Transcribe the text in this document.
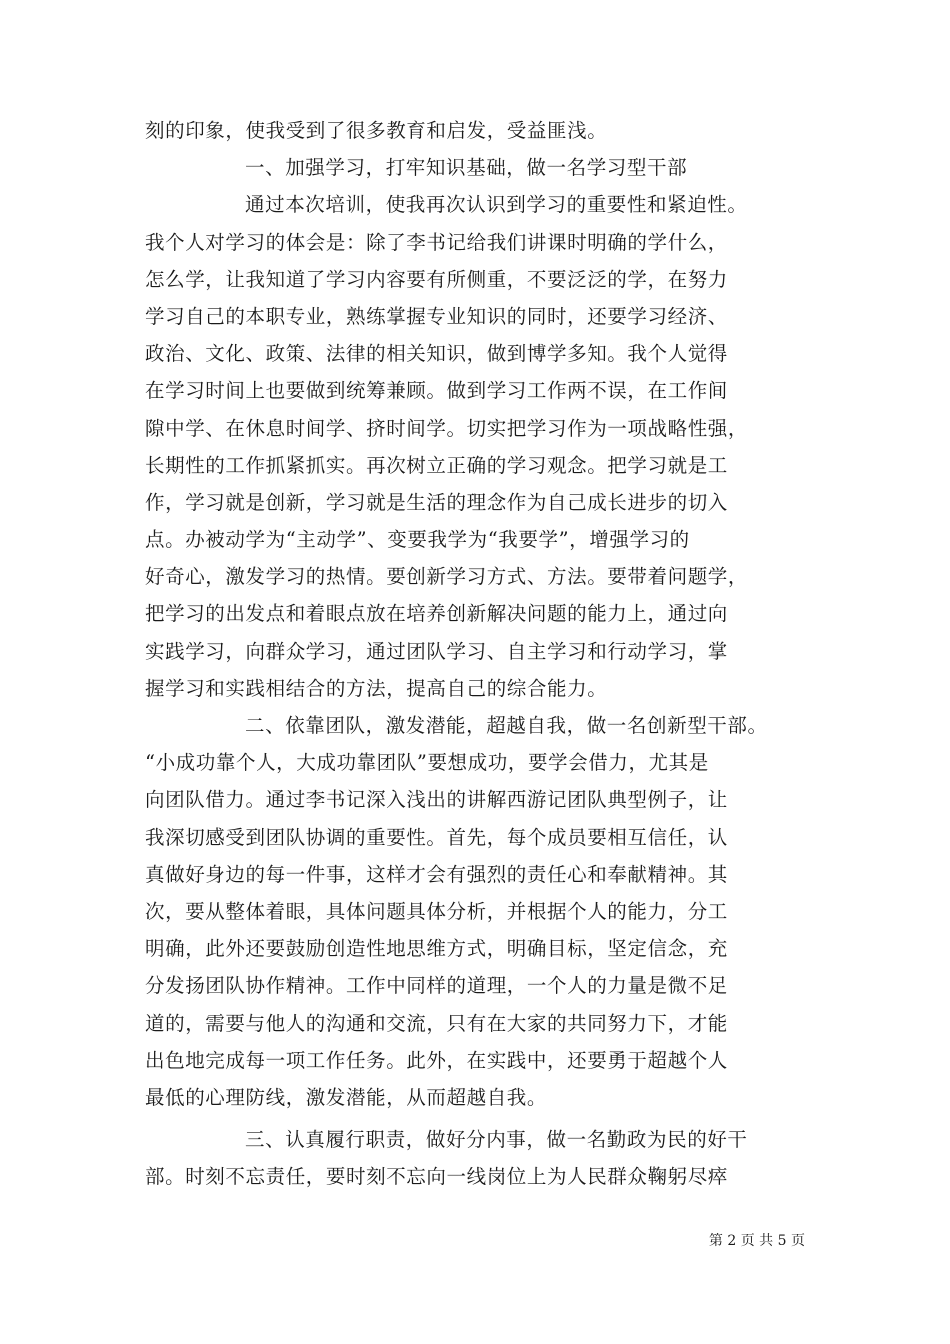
刻的印象，使我受到了很多教育和启发，受益匪浅。
一、加强学习，打牢知识基础，做一名学习型干部
通过本次培训，使我再次认识到学习的重要性和紧迫性。
我个人对学习的体会是：除了李书记给我们讲课时明确的学什么，
怎么学，让我知道了学习内容要有所侧重，不要泛泛的学，在努力
学习自己的本职专业，熟练掌握专业知识的同时，还要学习经济、
政治、文化、政策、法律的相关知识，做到博学多知。我个人觉得
在学习时间上也要做到统筹兼顾。做到学习工作两不误，在工作间
隙中学、在休息时间学、挤时间学。切实把学习作为一项战略性强，
长期性的工作抓紧抓实。再次树立正确的学习观念。把学习就是工
作，学习就是创新，学习就是生活的理念作为自己成长进步的切入
点。办被动学为“主动学”、变要我学为“我要学”，增强学习的
好奇心，激发学习的热情。要创新学习方式、方法。要带着问题学，
把学习的出发点和着眼点放在培养创新解决问题的能力上，通过向
实践学习，向群众学习，通过团队学习、自主学习和行动学习，掌
握学习和实践相结合的方法，提高自己的综合能力。
二、依靠团队，激发潜能，超越自我，做一名创新型干部。
“小成功靠个人，大成功靠团队”要想成功，要学会借力，尤其是
向团队借力。通过李书记深入浅出的讲解西游记团队典型例子，让
我深切感受到团队协调的重要性。首先，每个成员要相互信任，认
真做好身边的每一件事，这样才会有强烈的责任心和奉献精神。其
次，要从整体着眼，具体问题具体分析，并根据个人的能力，分工
明确，此外还要鼓励创造性地思维方式，明确目标，坚定信念，充
分发扬团队协作精神。工作中同样的道理，一个人的力量是微不足
道的，需要与他人的沟通和交流，只有在大家的共同努力下，才能
出色地完成每一项工作任务。此外，在实践中，还要勇于超越个人
最低的心理防线，激发潜能，从而超越自我。
三、认真履行职责，做好分内事，做一名勤政为民的好干
部。时刻不忘责任，要时刻不忘向一线岗位上为人民群众鞠躬尽瘁
第 2 页 共 5 页
